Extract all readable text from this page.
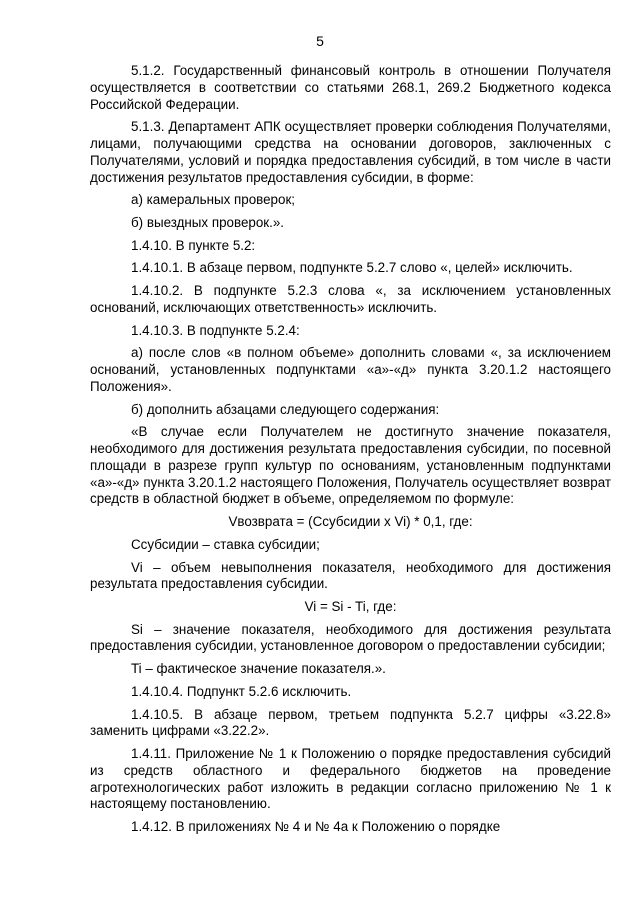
5

5.1.2. Государственный финансовый контроль в отношении Получателя осуществляется в соответствии со статьями 268.1, 269.2 Бюджетного кодекса Российской Федерации.

5.1.3. Департамент АПК осуществляет проверки соблюдения Получателями, лицами, получающими средства на основании договоров, заключенных с Получателями, условий и порядка предоставления субсидий, в том числе в части достижения результатов предоставления субсидии, в форме:

а) камеральных проверок;

б) выездных проверок.».

1.4.10. В пункте 5.2:

1.4.10.1. В абзаце первом, подпункте 5.2.7 слово «, целей» исключить.

1.4.10.2. В подпункте 5.2.3 слова «, за исключением установленных оснований, исключающих ответственность» исключить.

1.4.10.3. В подпункте 5.2.4:

а) после слов «в полном объеме» дополнить словами «, за исключением оснований, установленных подпунктами «а»-«д» пункта 3.20.1.2 настоящего Положения».

б) дополнить абзацами следующего содержания:

«В случае если Получателем не достигнуто значение показателя, необходимого для достижения результата предоставления субсидии, по посевной площади в разрезе групп культур по основаниям, установленным подпунктами «а»-«д» пункта 3.20.1.2 настоящего Положения, Получатель осуществляет возврат средств в областной бюджет в объеме, определяемом по формуле:

Vвозврата = (Сcубсидии x Vi) * 0,1, где:

Сcубсидии – ставка субсидии;

Vi – объем невыполнения показателя, необходимого для достижения результата предоставления субсидии.

Vi = Si - Ti, где:

Si – значение показателя, необходимого для достижения результата предоставления субсидии, установленное договором о предоставлении субсидии;

Ti – фактическое значение показателя.».

1.4.10.4. Подпункт 5.2.6 исключить.

1.4.10.5. В абзаце первом, третьем подпункта 5.2.7 цифры «3.22.8» заменить цифрами «3.22.2».

1.4.11. Приложение № 1 к Положению о порядке предоставления субсидий из средств областного и федерального бюджетов на проведение агротехнологических работ изложить в редакции согласно приложению № 1 к настоящему постановлению.

1.4.12. В приложениях № 4 и № 4а к Положению о порядке
